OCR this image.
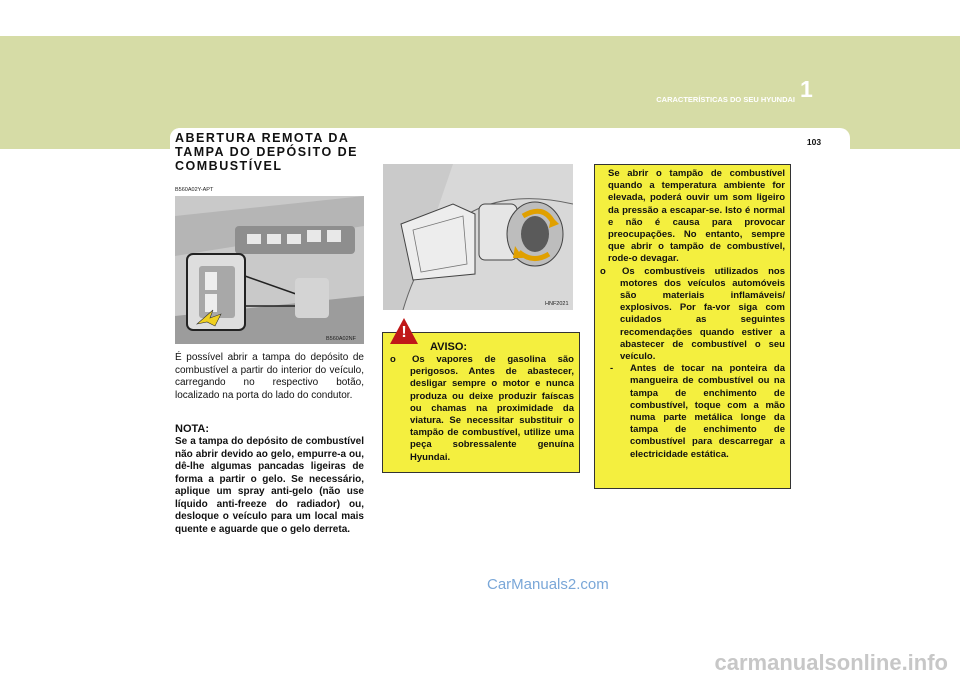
CARACTERÍSTICAS DO SEU HYUNDAI 1
103
ABERTURA REMOTA DA TAMPA DO DEPÓSITO DE COMBUSTÍVEL
B560A02Y-APT
B560A02NF
É possível abrir a tampa do depósito de combustível a partir do interior do veículo, carregando no respectivo botão, localizado na porta do lado do condutor.
NOTA:
Se a tampa do depósito de combustível não abrir devido ao gelo, empurre-a ou, dê-lhe algumas pancadas ligeiras de forma a partir o gelo. Se necessário, aplique um spray anti-gelo (não use líquido anti-freeze do radiador) ou, desloque o veículo para um local mais quente e aguarde que o gelo derreta.
HNF2021
!
AVISO:
o Os vapores de gasolina são perigosos. Antes de abastecer, desligar sempre o motor e nunca produza ou deixe produzir faíscas ou chamas na proximidade da viatura. Se necessitar substituir o tampão de combustível, utilize uma peça sobressalente genuína Hyundai.
Se abrir o tampão de combustível quando a temperatura ambiente for elevada, poderá ouvir um som ligeiro da pressão a escapar-se. Isto é normal e não é causa para provocar preocupações. No entanto, sempre que abrir o tampão de combustível, rode-o devagar.
o Os combustíveis utilizados nos motores dos veículos automóveis são materiais inflamáveis/ explosivos. Por fa-vor siga com cuidados as seguintes recomendações quando estiver a abastecer de combustível o seu veículo.
- Antes de tocar na ponteira da mangueira de combustível ou na tampa de enchimento de combustível, toque com a mão numa parte metálica longe da tampa de enchimento de combustível para descarregar a electricidade estática.
CarManuals2.com
carmanualsonline.info
